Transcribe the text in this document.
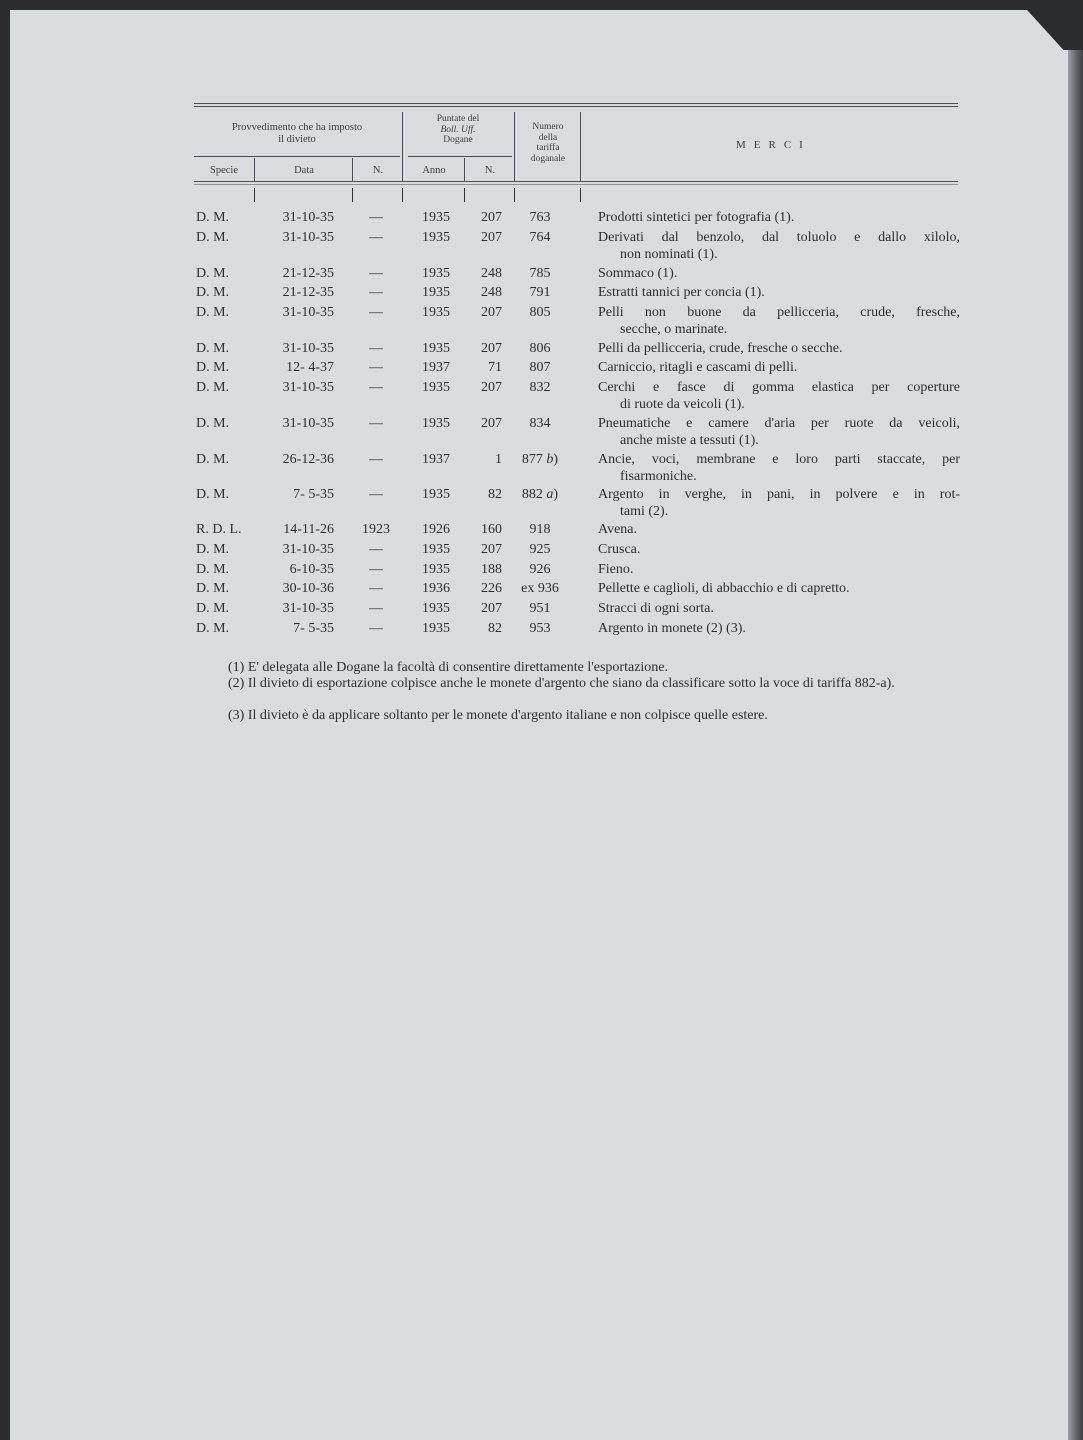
Provvedimento che ha imposto
il divieto
Puntate del
Boll. Uff.
Dogane
Numero
della
tariffa
doganale
MERCI
Specie	Data	N.	Anno	N.
D. M.	31-10-35	—	1935	207	763	Prodotti sintetici per fotografia (1).
D. M.	31-10-35	—	1935	207	764	Derivati dal benzolo, dal toluolo e dallo xilolo,
non nominati (1).
D. M.	21-12-35	—	1935	248	785	Sommaco (1).
D. M.	21-12-35	—	1935	248	791	Estratti tannici per concia (1).
D. M.	31-10-35	—	1935	207	805	Pelli non buone da pellicceria, crude, fresche,
secche, o marinate.
D. M.	31-10-35	—	1935	207	806	Pelli da pellicceria, crude, fresche o secche.
D. M.	12- 4-37	—	1937	71	807	Carniccio, ritagli e cascami di pelli.
D. M.	31-10-35	—	1935	207	832	Cerchi e fasce di gomma elastica per coperture
di ruote da veicoli (1).
D. M.	31-10-35	—	1935	207	834	Pneumatiche e camere d'aria per ruote da veicoli,
anche miste a tessuti (1).
D. M.	26-12-36	—	1937	1	877 b)	Ancie, voci, membrane e loro parti staccate, per
fisarmoniche.
D. M.	7- 5-35	—	1935	82	882 a)	Argento in verghe, in pani, in polvere e in rot-
tami (2).
R. D. L.	14-11-26	1923	1926	160	918	Avena.
D. M.	31-10-35	—	1935	207	925	Crusca.
D. M.	6-10-35	—	1935	188	926	Fieno.
D. M.	30-10-36	—	1936	226	ex 936	Pellette e caglioli, di abbacchio e di capretto.
D. M.	31-10-35	—	1935	207	951	Stracci di ogni sorta.
D. M.	7- 5-35	—	1935	82	953	Argento in monete (2) (3).
(1) E' delegata alle Dogane la facoltà di consentire direttamente l'esportazione.
(2) Il divieto di esportazione colpisce anche le monete d'argento che siano da classificare sotto la voce di tariffa 882-a).
(3) Il divieto è da applicare soltanto per le monete d'argento italiane e non colpisce quelle estere.
